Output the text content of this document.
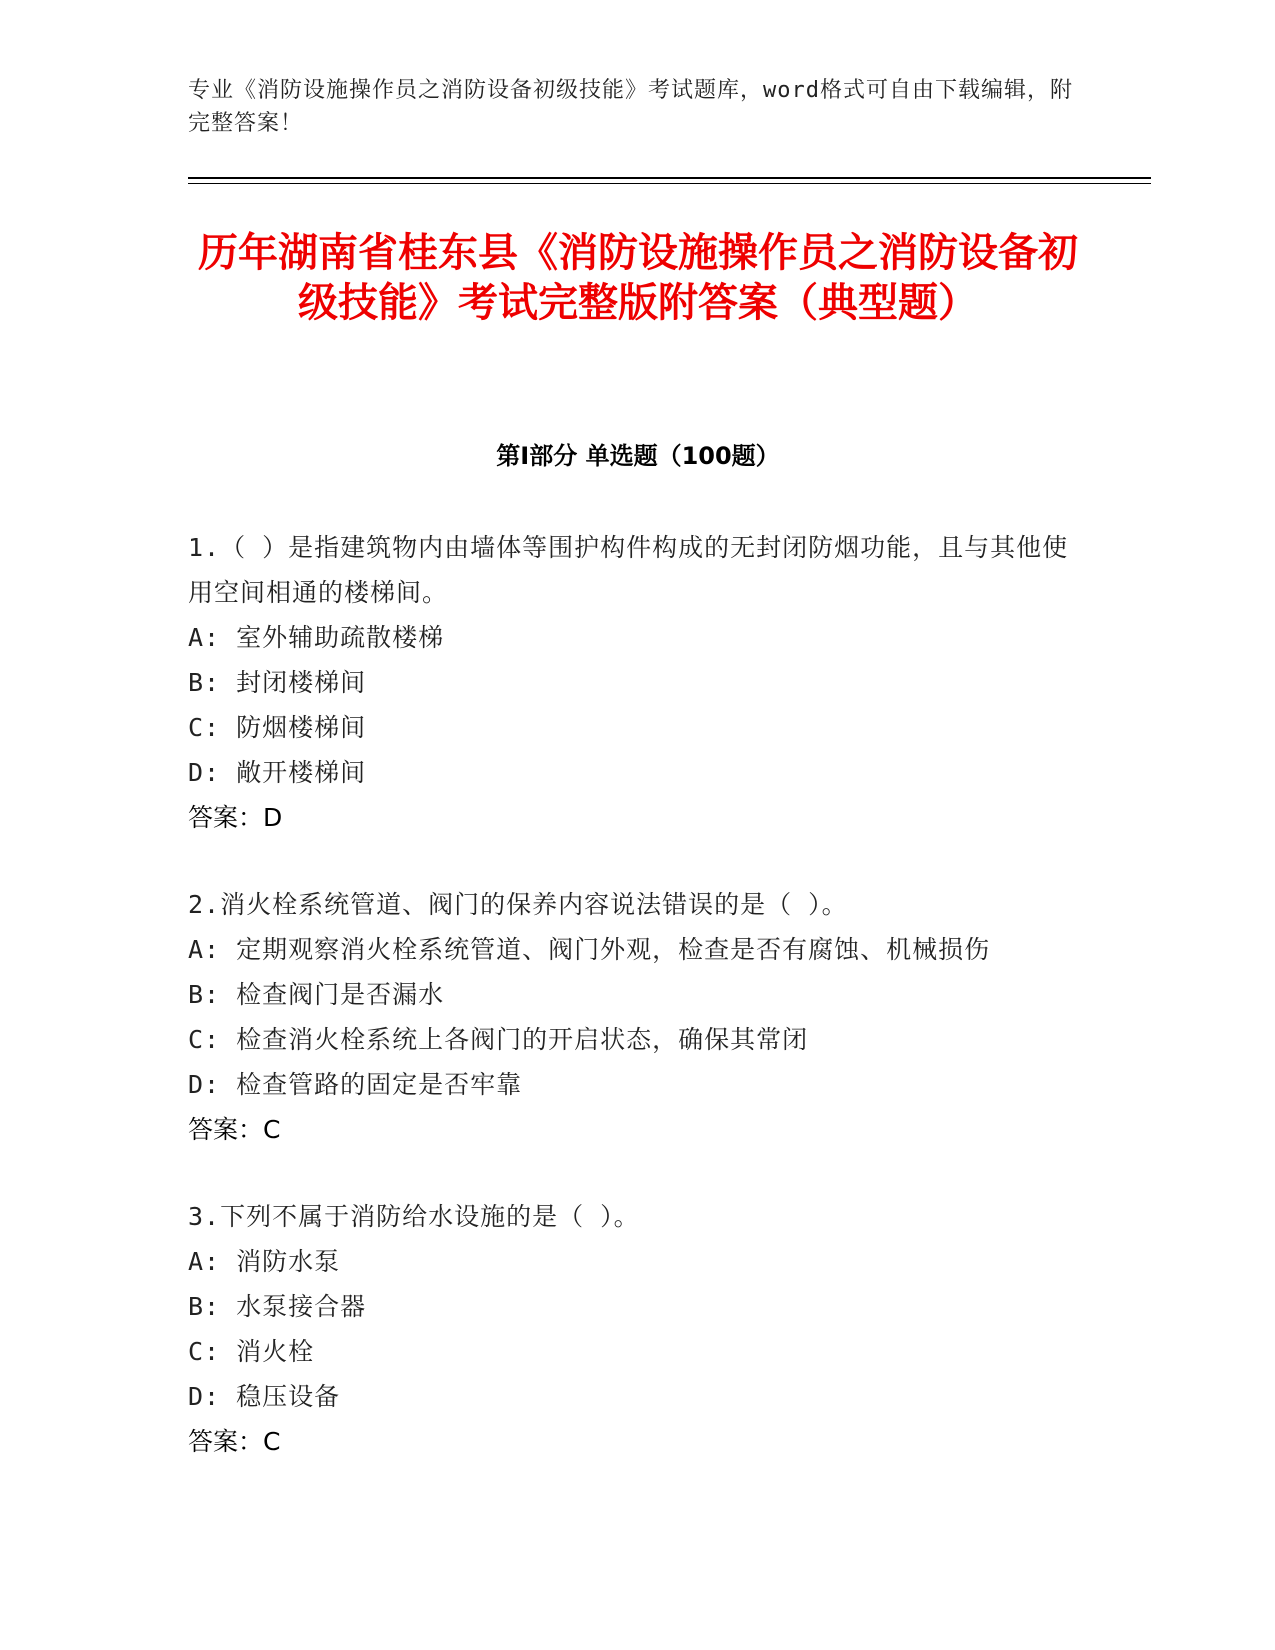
专业《消防设施操作员之消防设备初级技能》考试题库，word格式可自由下载编辑，附完整答案！
历年湖南省桂东县《消防设施操作员之消防设备初级技能》考试完整版附答案（典型题）
第Ⅰ部分 单选题（100题）
1.（ ）是指建筑物内由墙体等围护构件构成的无封闭防烟功能，且与其他使用空间相通的楼梯间。
A: 室外辅助疏散楼梯
B: 封闭楼梯间
C: 防烟楼梯间
D: 敞开楼梯间
答案：D
2.消火栓系统管道、阀门的保养内容说法错误的是（ ）。
A: 定期观察消火栓系统管道、阀门外观，检查是否有腐蚀、机械损伤
B: 检查阀门是否漏水
C: 检查消火栓系统上各阀门的开启状态，确保其常闭
D: 检查管路的固定是否牢靠
答案：C
3.下列不属于消防给水设施的是（ ）。
A: 消防水泵
B: 水泵接合器
C: 消火栓
D: 稳压设备
答案：C
